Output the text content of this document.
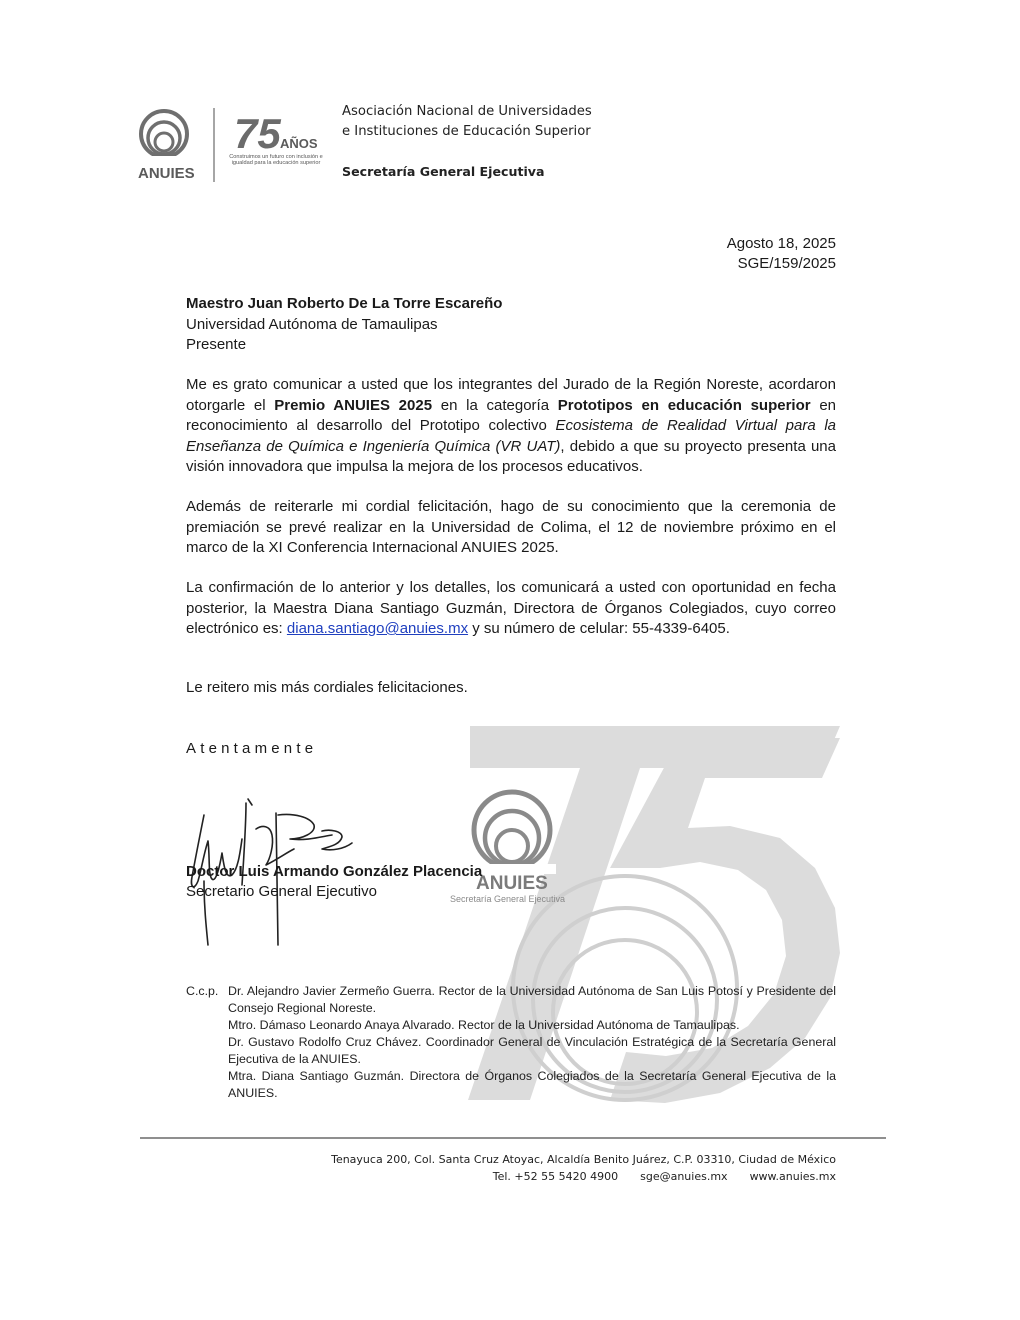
ANUIES
75 AÑOS
Construimos un futuro con inclusión e igualdad para la educación superior
Asociación Nacional de Universidades
e Instituciones de Educación Superior
Secretaría General Ejecutiva
Agosto 18, 2025
SGE/159/2025
Maestro Juan Roberto De La Torre Escareño
Universidad Autónoma de Tamaulipas
Presente
ANUIES
Secretaría General Ejecutiva
Me es grato comunicar a usted que los integrantes del Jurado de la Región Noreste, acordaron otorgarle el Premio ANUIES 2025 en la categoría Prototipos en educación superior en reconocimiento al desarrollo del Prototipo colectivo Ecosistema de Realidad Virtual para la Enseñanza de Química e Ingeniería Química (VR UAT), debido a que su proyecto presenta una visión innovadora que impulsa la mejora de los procesos educativos.
Además de reiterarle mi cordial felicitación, hago de su conocimiento que la ceremonia de premiación se prevé realizar en la Universidad de Colima, el 12 de noviembre próximo en el marco de la XI Conferencia Internacional ANUIES 2025.
La confirmación de lo anterior y los detalles, los comunicará a usted con oportunidad en fecha posterior, la Maestra Diana Santiago Guzmán, Directora de Órganos Colegiados, cuyo correo electrónico es: diana.santiago@anuies.mx y su número de celular: 55-4339-6405.
Le reitero mis más cordiales felicitaciones.
Atentamente
Doctor Luis Armando González Placencia
Secretario General Ejecutivo
C.c.p. Dr. Alejandro Javier Zermeño Guerra. Rector de la Universidad Autónoma de San Luis Potosí y Presidente del Consejo Regional Noreste.
Mtro. Dámaso Leonardo Anaya Alvarado. Rector de la Universidad Autónoma de Tamaulipas.
Dr. Gustavo Rodolfo Cruz Chávez. Coordinador General de Vinculación Estratégica de la Secretaría General Ejecutiva de la ANUIES.
Mtra. Diana Santiago Guzmán. Directora de Órganos Colegiados de la Secretaría General Ejecutiva de la ANUIES.
Tenayuca 200, Col. Santa Cruz Atoyac, Alcaldía Benito Juárez, C.P. 03310, Ciudad de México
Tel. +52 55 5420 4900 sge@anuies.mx www.anuies.mx
